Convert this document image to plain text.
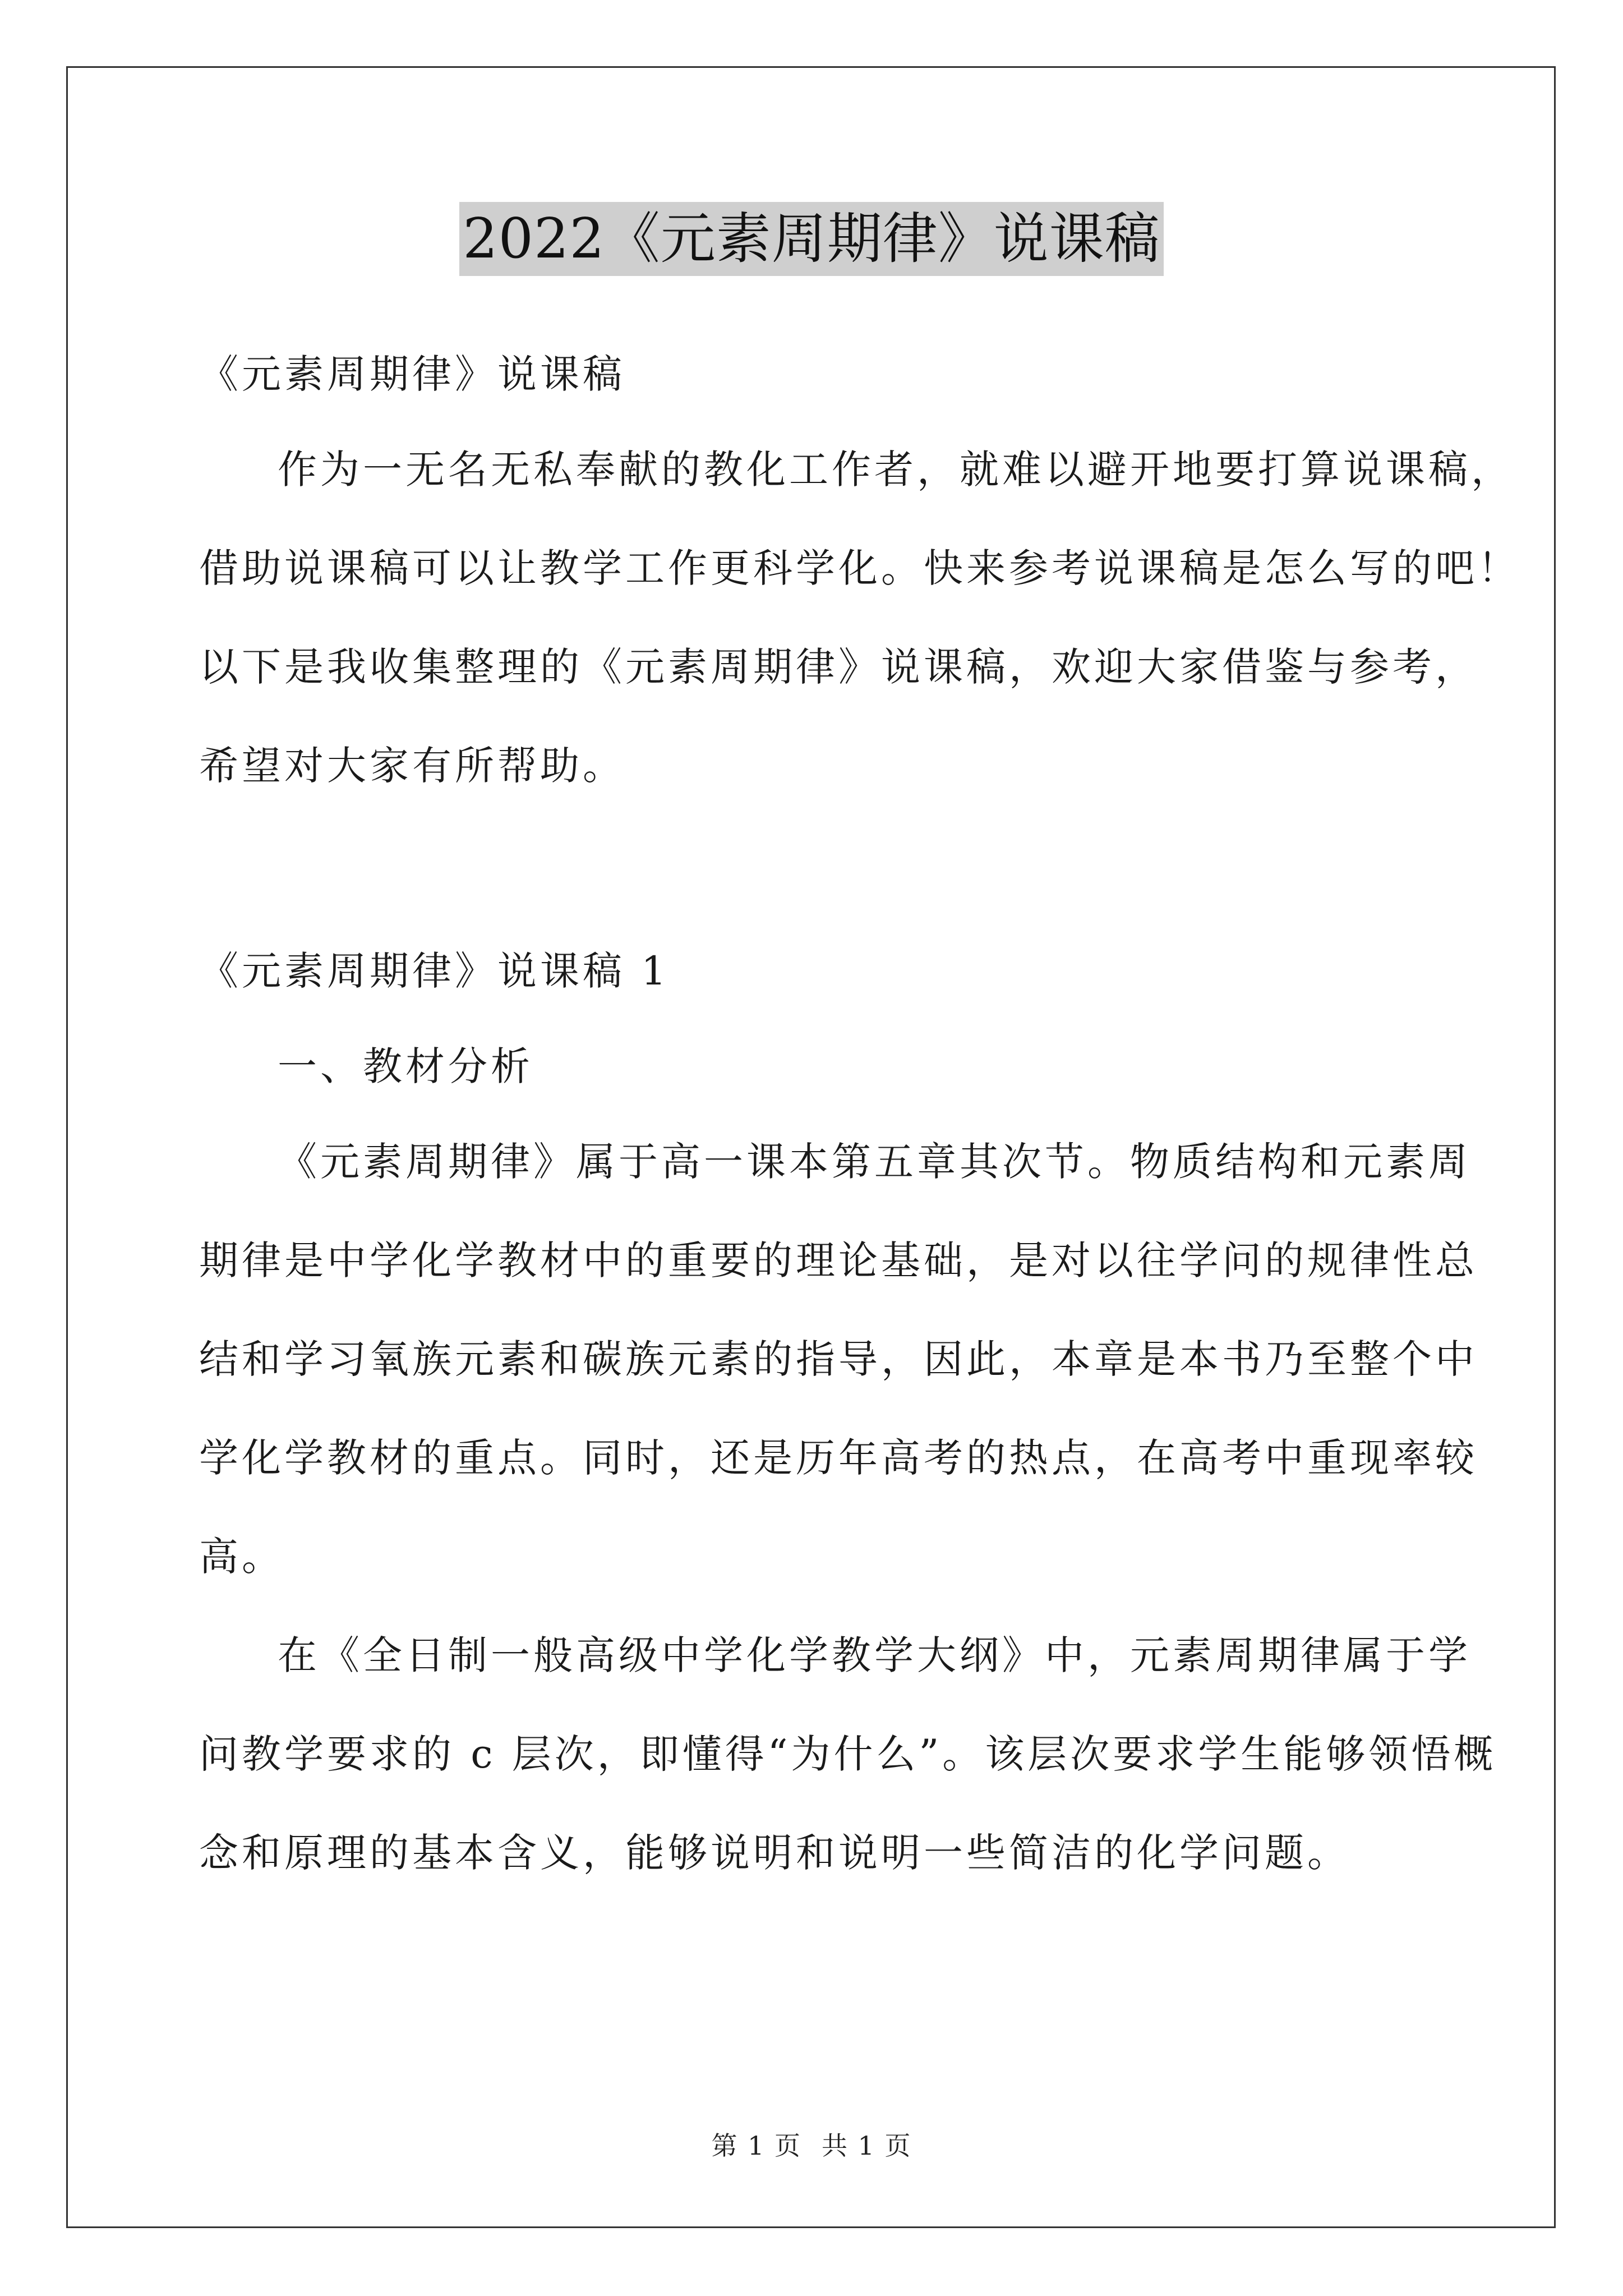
2022《元素周期律》说课稿

《元素周期律》说课稿

作为一无名无私奉献的教化工作者，就难以避开地要打算说课稿，

借助说课稿可以让教学工作更科学化。快来参考说课稿是怎么写的吧！

以下是我收集整理的《元素周期律》说课稿，欢迎大家借鉴与参考，

希望对大家有所帮助。

《元素周期律》说课稿 1

一、教材分析

《元素周期律》属于高一课本第五章其次节。物质结构和元素周

期律是中学化学教材中的重要的理论基础，是对以往学问的规律性总

结和学习氧族元素和碳族元素的指导，因此，本章是本书乃至整个中

学化学教材的重点。同时，还是历年高考的热点，在高考中重现率较

高。

在《全日制一般高级中学化学教学大纲》中，元素周期律属于学

问教学要求的 c 层次，即懂得“为什么”。该层次要求学生能够领悟概

念和原理的基本含义，能够说明和说明一些简洁的化学问题。

第 1 页 共 1 页
